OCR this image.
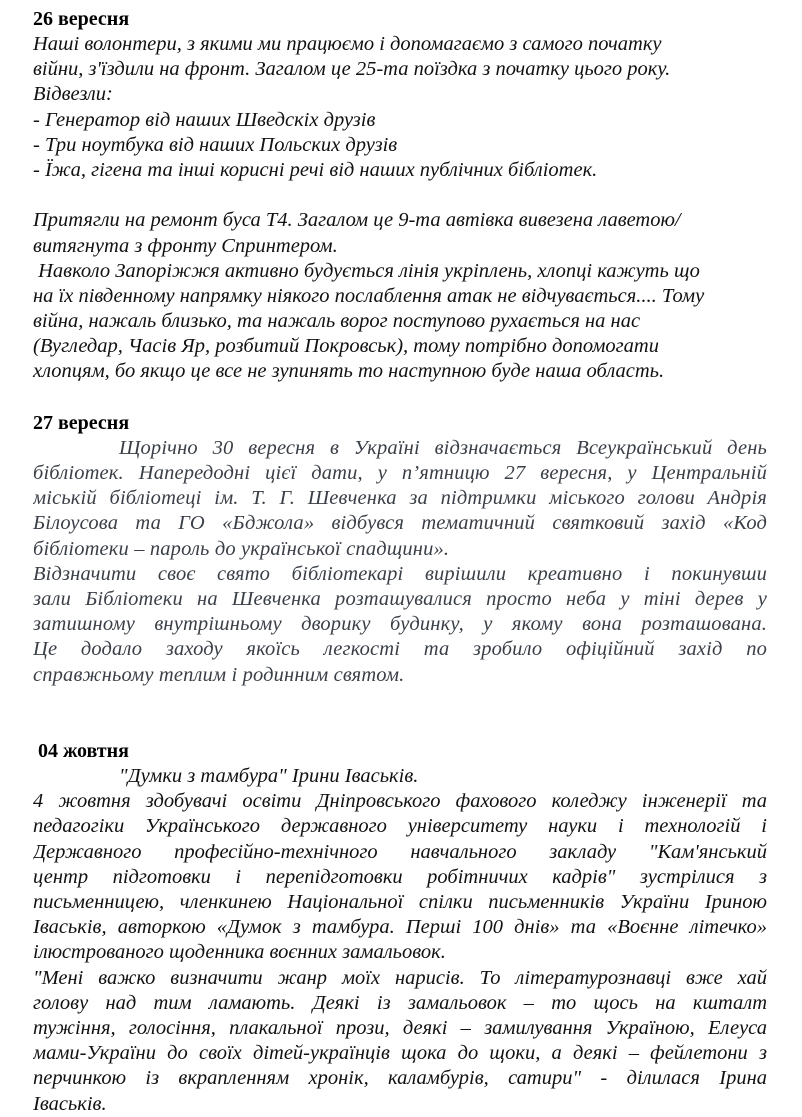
26 вересня
Наші волонтери, з якими ми працюємо і допомагаємо з самого початку
війни, з'їздили на фронт. Загалом це 25-та поїздка з початку цього року.
Відвезли:
- Генератор від наших Шведскіх друзів
- Три ноутбука від наших Польских друзів
- Їжа, гігена та інші корисні речі від наших публічних бібліотек.
Притягли на ремонт буса Т4. Загалом це 9-та автівка вивезена лаветою/
витягнута з фронту Спринтером.
Навколо Запоріжжя активно будується лінія укріплень, хлопці кажуть що
на їх південному напрямку ніякого послаблення атак не відчувається.... Тому
війна, нажаль близько, та нажаль ворог поступово рухається на нас
(Вугледар, Часів Яр, розбитий Покровськ), тому потрібно допомогати
хлопцям, бо якщо це все не зупинять то наступною буде наша область.
27 вересня
Щорічно 30 вересня в Україні відзначається Всеукраїнський день
бібліотек. Напередодні цієї дати, у п’ятницю 27 вересня, у Центральній
міській бібліотеці ім. Т. Г. Шевченка за підтримки міського голови Андрія
Білоусова та ГО «Бджола» відбувся тематичний святковий захід «Код
бібліотеки – пароль до української спадщини».
Відзначити своє свято бібліотекарі вирішили креативно і покинувши
зали Бібліотеки на Шевченка розташувалися просто неба у тіні дерев у
затишному внутрішньому дворику будинку, у якому вона розташована.
Це додало заходу якоїсь легкості та зробило офіційний захід по
справжньому теплим і родинним святом.
04 жовтня
"Думки з тамбура" Ірини Іваськів.
4 жовтня здобувачі освіти Дніпровського фахового коледжу інженерії та
педагогіки Українського державного університету науки і технологій і
Державного професійно-технічного навчального закладу "Кам'янський
центр підготовки і перепідготовки робітничих кадрів" зустрілися з
письменницею, членкинею Національної спілки письменників України Іриною
Іваськів, авторкою «Думок з тамбура. Перші 100 днів» та «Воєнне літечко»
ілюстрованого щоденника воєнних замальовок.
"Мені важко визначити жанр моїх нарисів. То літературознавці вже хай
голову над тим ламають. Деякі із замальовок – то щось на кшталт
тужіння, голосіння, плакальної прози, деякі – замилування Україною, Елеуса
мами-України до своїх дітей-українців щока до щоки, а деякі – фейлетони з
перчинкою із вкрапленням хронік, каламбурів, сатири" - ділилася Ірина
Іваськів.
